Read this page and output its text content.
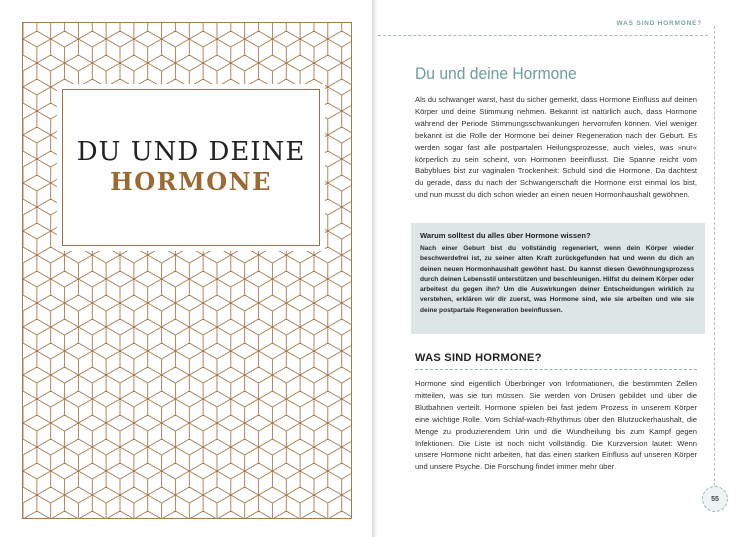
DU UND DEINE
HORMONE
WAS SIND HORMONE?
Du und deine Hormone
Als du schwanger warst, hast du sicher gemerkt, dass Hormone Einfluss auf deinen Körper und deine Stimmung nehmen. Bekannt ist natürlich auch, dass Hormone während der Periode Stimmungsschwankungen hervorrufen können. Viel weniger bekannt ist die Rolle der Hormone bei deiner Regeneration nach der Geburt. Es werden sogar fast alle postpartalen Heilungsprozesse, auch vieles, was »nur« körperlich zu sein scheint, von Hormonen beeinflusst. Die Spanne reicht vom Babyblues bist zur vaginalen Trockenheit: Schuld sind die Hormone. Da dachtest du gerade, dass du nach der Schwangerschaft die Hormone erst einmal los bist, und nun musst du dich schon wieder an einen neuen Hormonhaushalt gewöhnen.
Warum solltest du alles über Hormone wissen?
Nach einer Geburt bist du vollständig regeneriert, wenn dein Körper wieder beschwerdefrei ist, zu seiner alten Kraft zurückgefunden hat und wenn du dich an deinen neuen Hormonhaushalt gewöhnt hast. Du kannst diesen Gewöhnungsprozess durch deinen Lebensstil unterstützen und beschleunigen. Hilfst du deinem Körper oder arbeitest du gegen ihn? Um die Auswirkungen deiner Entscheidungen wirklich zu verstehen, erklären wir dir zuerst, was Hormone sind, wie sie arbeiten und wie sie deine postpartale Regeneration beeinflussen.
WAS SIND HORMONE?
Hormone sind eigentlich Überbringer von Informationen, die bestimmten Zellen mitteilen, was sie tun müssen. Sie werden von Drüsen gebildet und über die Blutbahnen verteilt. Hormone spielen bei fast jedem Prozess in unserem Körper eine wichtige Rolle. Vom Schlaf-wach-Rhythmus über den Blutzuckerhaushalt, die Menge zu produzierendem Urin und die Wundheilung bis zum Kampf gegen Infektionen. Die Liste ist noch nicht vollständig. Die Kurzversion lautet: Wenn unsere Hormone nicht arbeiten, hat das einen starken Einfluss auf unseren Körper und unsere Psyche. Die Forschung findet immer mehr über
55
